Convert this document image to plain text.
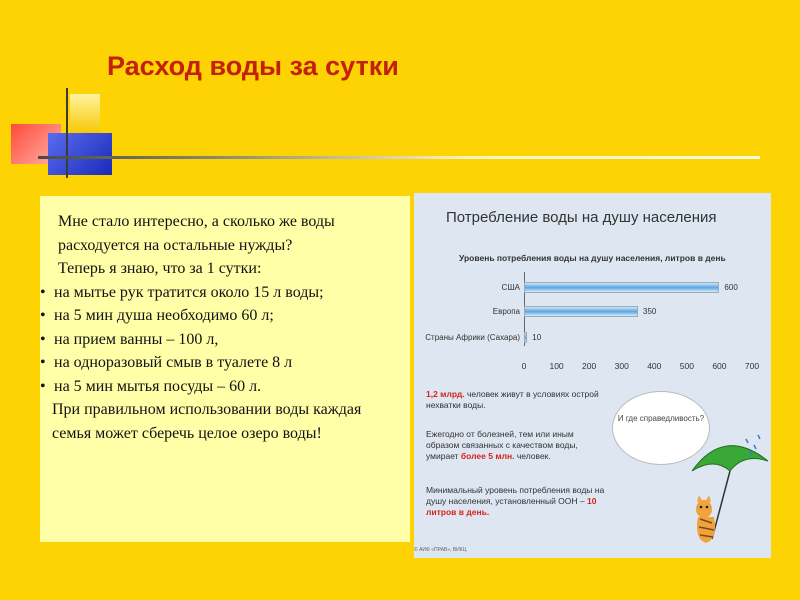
Расход воды за сутки

Мне стало интересно, а сколько же воды расходуется на остальные нужды?

Теперь я знаю, что за 1 сутки:

• на мытье рук тратится около 15 л воды;
• на 5 мин душа необходимо 60 л;
• на прием ванны – 100 л,
• на одноразовый смыв в туалете 8 л
• на 5 мин мытья посуды – 60 л.

При правильном использовании воды каждая семья может сберечь целое озеро воды!

Потребление воды на душу населения
Уровень потребления воды на душу населения, литров в день
США	600
Европа	350
Страны Африки (Сахара) 10
0	100 200 300 400 500 600 700
1,2 млрд. человек живут в условиях острой нехватки воды.
Ежегодно от болезней, тем или иным образом связанных с качеством воды, умирает более 5 млн. человек.
Минимальный уровень потребления воды на душу населения, установленный ООН – 10 литров в день.
И где справедливость?
© АИФ «ПРАВ», ВИКЦ
